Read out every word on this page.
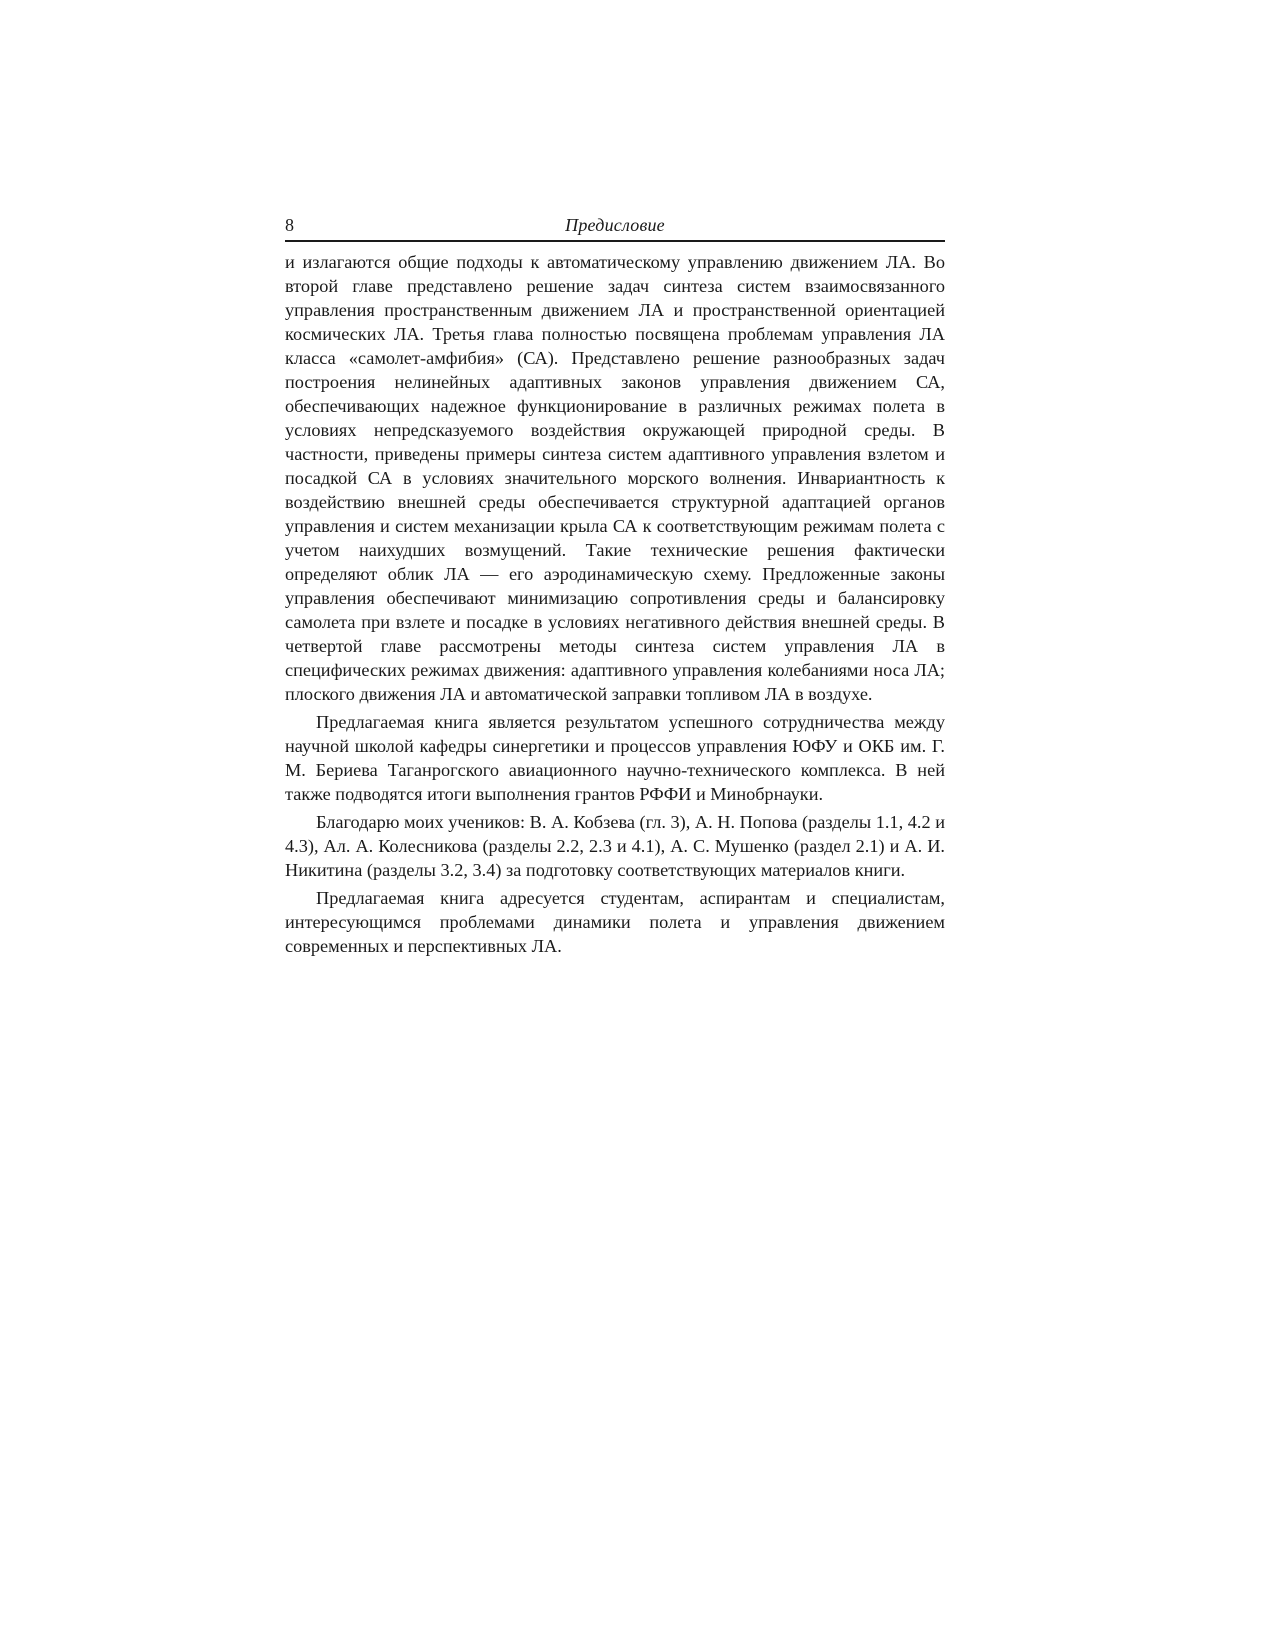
8	Предисловие

и излагаются общие подходы к автоматическому управлению движением ЛА. Во второй главе представлено решение задач синтеза систем взаимосвязанного управления пространственным движением ЛА и пространственной ориентацией космических ЛА. Третья глава полностью посвящена проблемам управления ЛА класса «самолет-амфибия» (СА). Представлено решение разнообразных задач построения нелинейных адаптивных законов управления движением СА, обеспечивающих надежное функционирование в различных режимах полета в условиях непредсказуемого воздействия окружающей природной среды. В частности, приведены примеры синтеза систем адаптивного управления взлетом и посадкой СА в условиях значительного морского волнения. Инвариантность к воздействию внешней среды обеспечивается структурной адаптацией органов управления и систем механизации крыла СА к соответствующим режимам полета с учетом наихудших возмущений. Такие технические решения фактически определяют облик ЛА — его аэродинамическую схему. Предложенные законы управления обеспечивают минимизацию сопротивления среды и балансировку самолета при взлете и посадке в условиях негативного действия внешней среды. В четвертой главе рассмотрены методы синтеза систем управления ЛА в специфических режимах движения: адаптивного управления колебаниями носа ЛА; плоского движения ЛА и автоматической заправки топливом ЛА в воздухе.

Предлагаемая книга является результатом успешного сотрудничества между научной школой кафедры синергетики и процессов управления ЮФУ и ОКБ им. Г. М. Бериева Таганрогского авиационного научно-технического комплекса. В ней также подводятся итоги выполнения грантов РФФИ и Минобрнауки.

Благодарю моих учеников: В. А. Кобзева (гл. 3), А. Н. Попова (разделы 1.1, 4.2 и 4.3), Ал. А. Колесникова (разделы 2.2, 2.3 и 4.1), А. С. Мушенко (раздел 2.1) и А. И. Никитина (разделы 3.2, 3.4) за подготовку соответствующих материалов книги.

Предлагаемая книга адресуется студентам, аспирантам и специалистам, интересующимся проблемами динамики полета и управления движением современных и перспективных ЛА.
